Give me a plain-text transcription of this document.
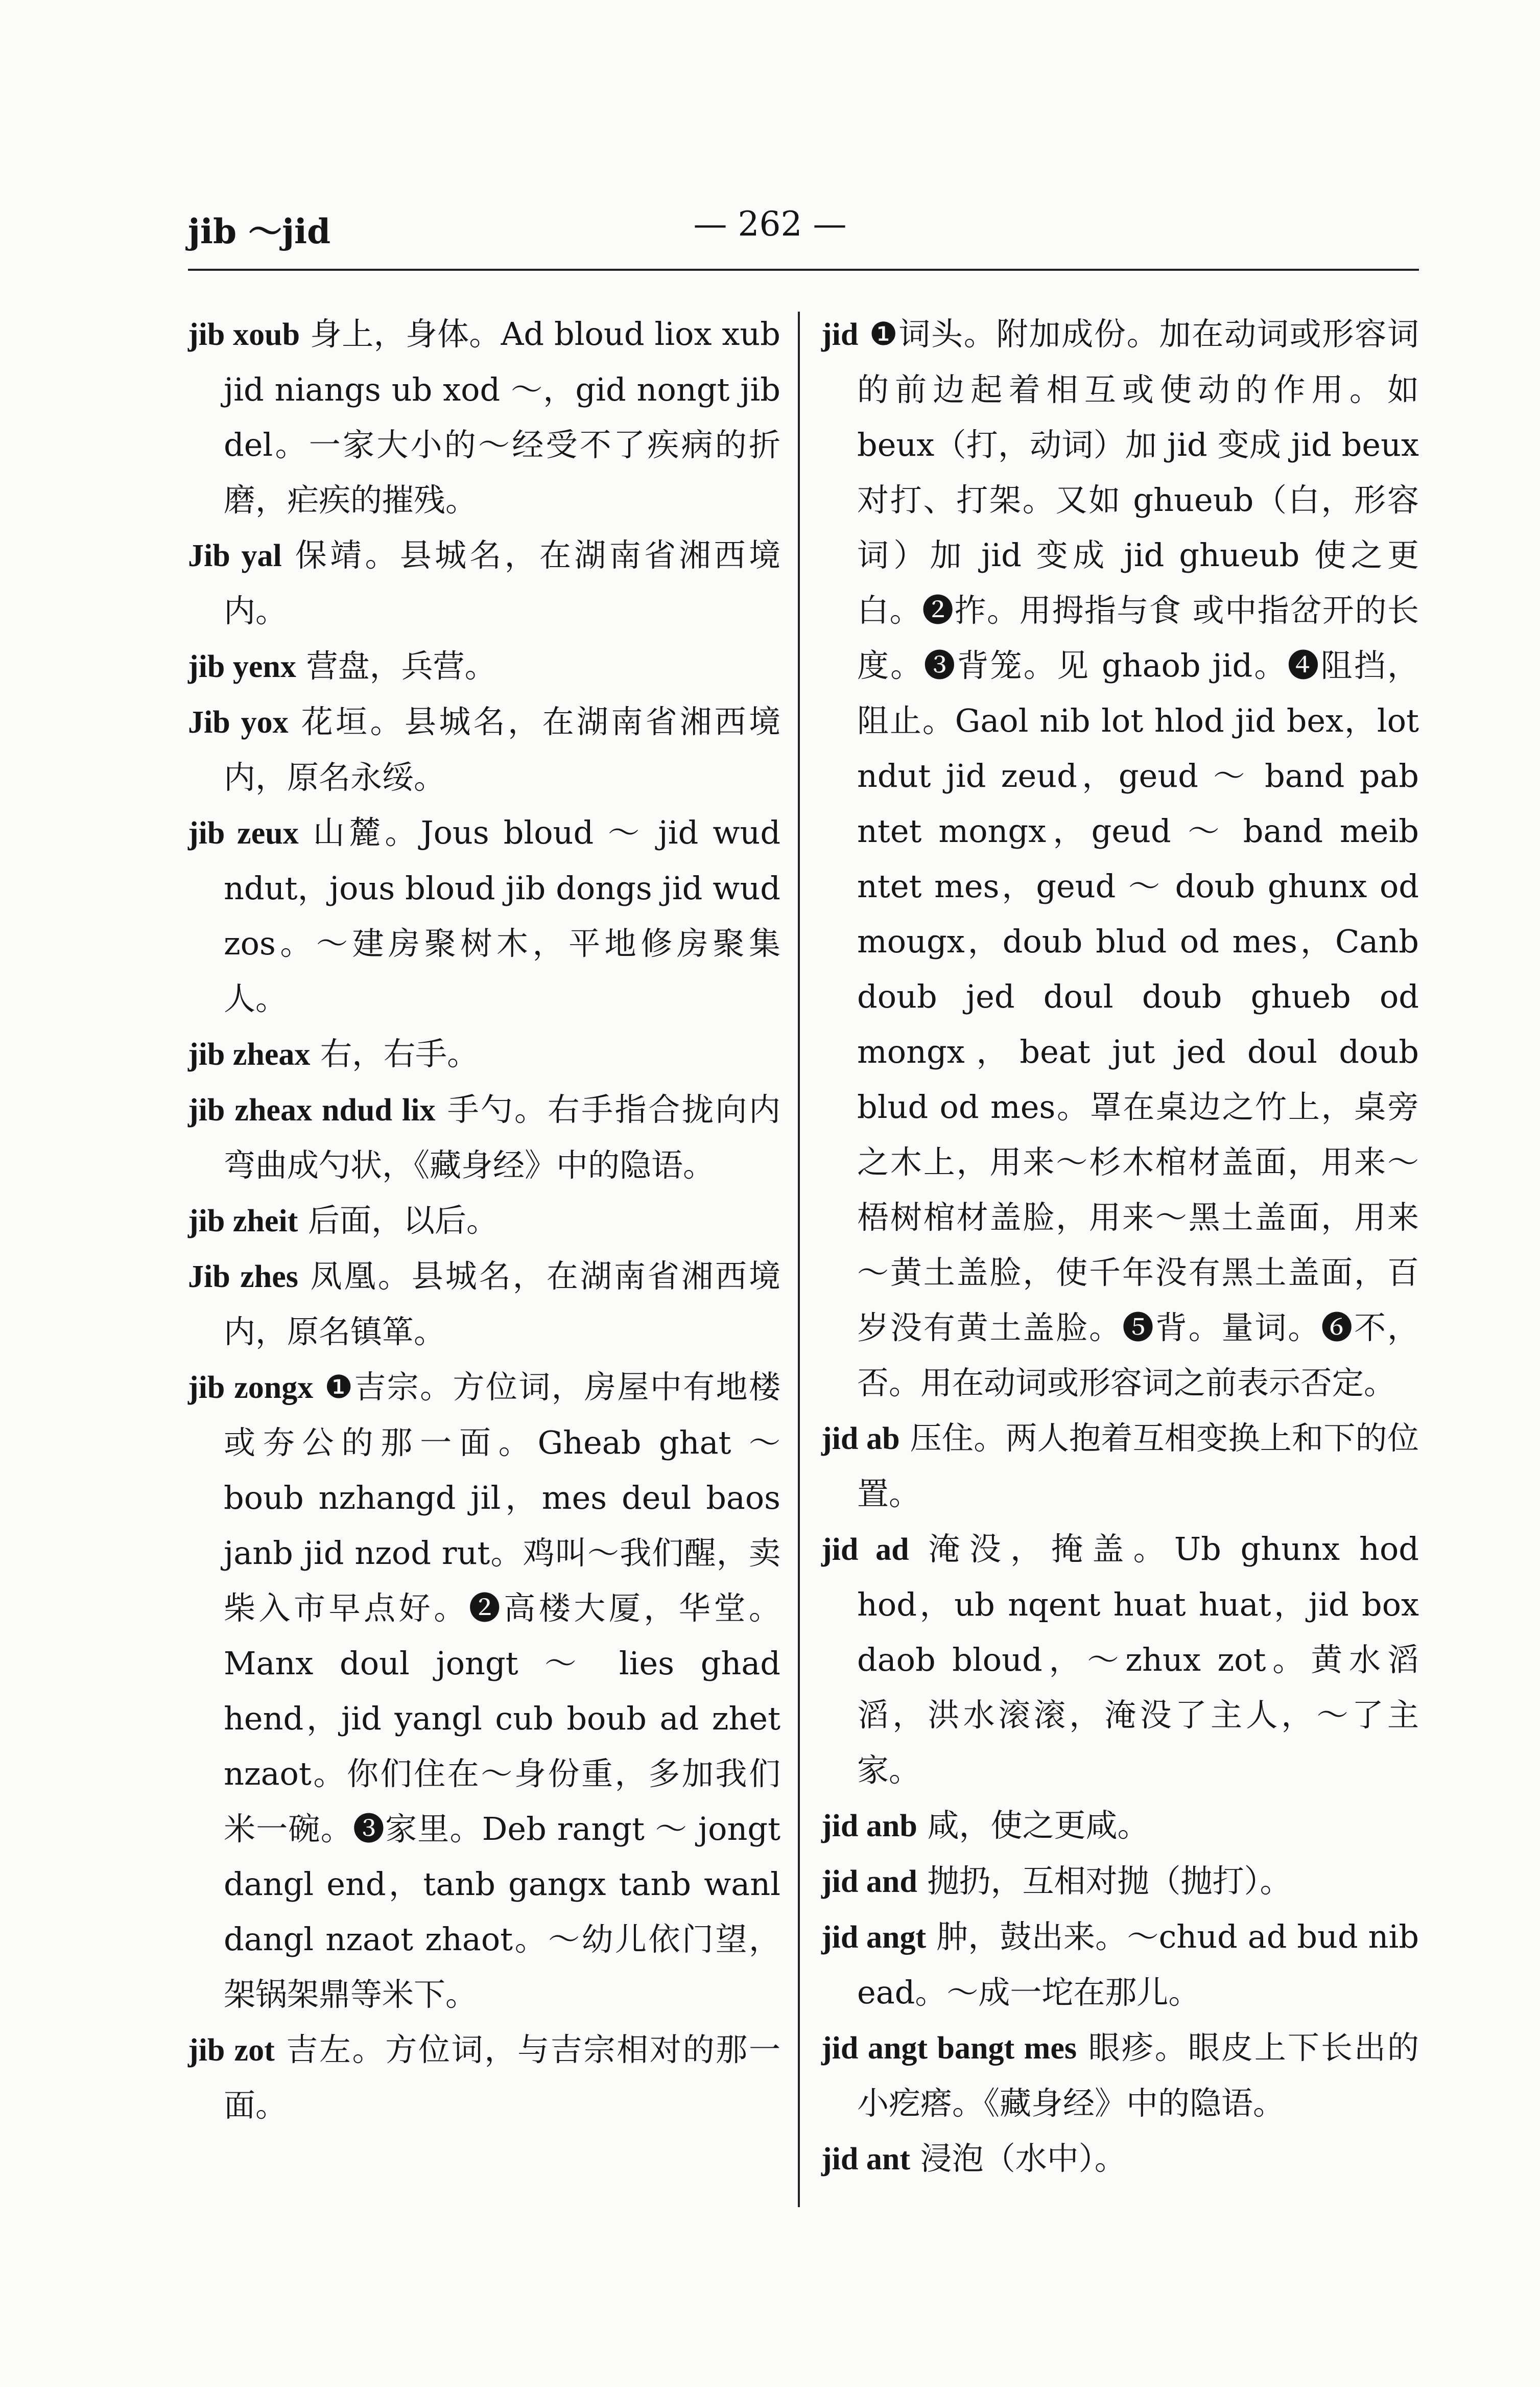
jib ～jid	— 262 —

jib xoub 身上，身体。Ad bloud liox xub jid niangs ub xod ～，gid nongt jib del。一家大小的～经受不了疾病的折磨，疟疾的摧残。

Jib yal 保靖。县城名，在湖南省湘西境内。

jib yenx 营盘，兵营。

Jib yox 花垣。县城名，在湖南省湘西境内，原名永绥。

jib zeux 山麓。Jous bloud ～ jid wud ndut，jous bloud jib dongs jid wud zos。～建房聚树木，平地修房聚集人。

jib zheax 右，右手。

jib zheax ndud lix 手勺。右手指合拢向内弯曲成勺状，《藏身经》中的隐语。

jib zheit 后面，以后。

Jib zhes 凤凰。县城名，在湖南省湘西境内，原名镇箪。

jib zongx ❶吉宗。方位词，房屋中有地楼或夯公的那一面。Gheab ghat ～ boub nzhangd jil，mes deul baos janb jid nzod rut。鸡叫～我们醒，卖柴入市早点好。❷高楼大厦，华堂。Manx doul jongt ～ lies ghad hend，jid yangl cub boub ad zhet nzaot。你们住在～身份重，多加我们米一碗。❸家里。Deb rangt ～ jongt dangl end，tanb gangx tanb wanl dangl nzaot zhaot。～幼儿依门望，架锅架鼎等米下。

jib zot 吉左。方位词，与吉宗相对的那一面。

jid ❶词头。附加成份。加在动词或形容词的前边起着相互或使动的作用。如 beux（打，动词）加 jid 变成 jid beux 对打、打架。又如 ghueub（白，形容词）加 jid 变成 jid ghueub 使之更白。❷拃。用拇指与食 或中指岔开的长度。❸背笼。见 ghaob jid。❹阻挡，阻止。Gaol nib lot hlod jid bex，lot ndut jid zeud，geud ～ band pab ntet mongx，geud ～ band meib ntet mes，geud ～ doub ghunx od mougx，doub blud od mes，Canb doub jed doul doub ghueb od mongx，beat jut jed doul doub blud od mes。罩在桌边之竹上，桌旁之木上，用来～杉木棺材盖面，用来～梧树棺材盖脸，用来～黑土盖面，用来～黄土盖脸，使千年没有黑土盖面，百岁没有黄土盖脸。❺背。量词。❻不，否。用在动词或形容词之前表示否定。

jid ab 压住。两人抱着互相变换上和下的位置。

jid ad 淹没，掩盖。Ub ghunx hod hod，ub nqent huat huat，jid box daob bloud，～zhux zot。黄水滔滔，洪水滚滚，淹没了主人，～了主家。

jid anb 咸，使之更咸。

jid and 抛扔，互相对抛（抛打）。

jid angt 肿，鼓出来。～chud ad bud nib ead。～成一坨在那儿。

jid angt bangt mes 眼疹。眼皮上下长出的小疙瘩。《藏身经》中的隐语。

jid ant 浸泡（水中）。
